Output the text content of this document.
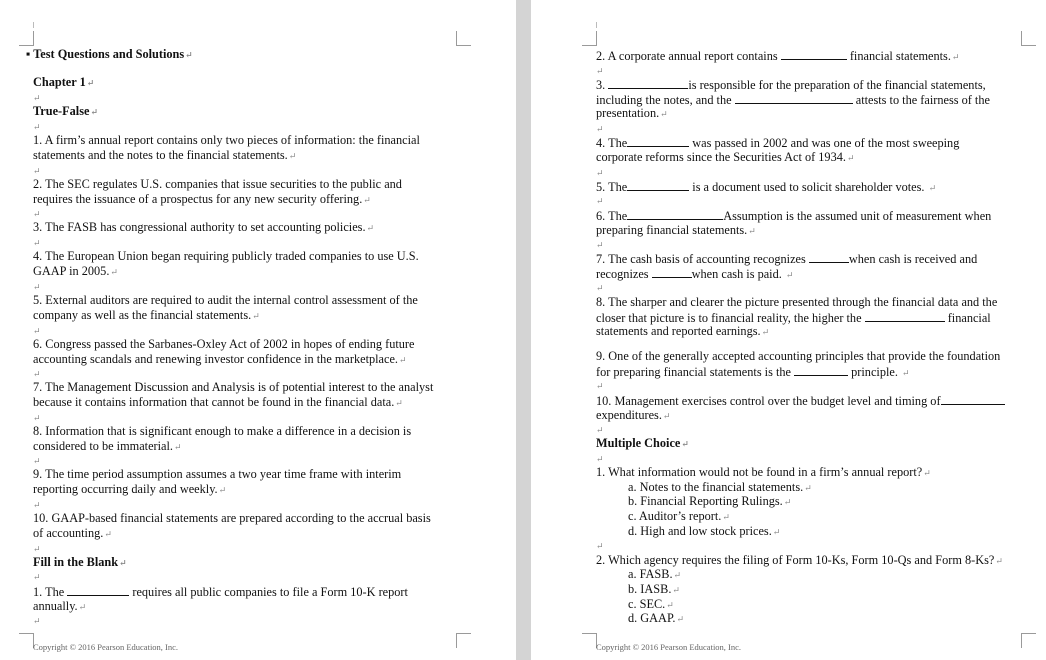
▪ Test Questions and Solutions↵
Chapter 1↵
↵
True-False↵
↵
1. A firm’s annual report contains only two pieces of information: the financial
statements and the notes to the financial statements.↵
↵
2. The SEC regulates U.S. companies that issue securities to the public and
requires the issuance of a prospectus for any new security offering.↵
↵
3. The FASB has congressional authority to set accounting policies.↵
↵
4. The European Union began requiring publicly traded companies to use U.S.
GAAP in 2005.↵
↵
5. External auditors are required to audit the internal control assessment of the
company as well as the financial statements.↵
↵
6. Congress passed the Sarbanes-Oxley Act of 2002 in hopes of ending future
accounting scandals and renewing investor confidence in the marketplace.↵
↵
7. The Management Discussion and Analysis is of potential interest to the analyst
because it contains information that cannot be found in the financial data.↵
↵
8. Information that is significant enough to make a difference in a decision is
considered to be immaterial.↵
↵
9. The time period assumption assumes a two year time frame with interim
reporting occurring daily and weekly.↵
↵
10. GAAP-based financial statements are prepared according to the accrual basis
of accounting.↵
↵
Fill in the Blank↵
↵
1. The	requires all public companies to file a Form 10-K report
annually.↵
↵
Copyright © 2016 Pearson Education, Inc.
2. A corporate annual report contains	financial statements.↵
↵
3.	is responsible for the preparation of the financial statements,
including the notes, and the	attests to the fairness of the
presentation.↵
↵
4. The	was passed in 2002 and was one of the most sweeping
corporate reforms since the Securities Act of 1934.↵
↵
5. The	is a document used to solicit shareholder votes. ↵
↵
6. The	Assumption is the assumed unit of measurement when
preparing financial statements.↵
↵
7. The cash basis of accounting recognizes	when cash is received and
recognizes	when cash is paid. ↵
↵
8. The sharper and clearer the picture presented through the financial data and the
closer that picture is to financial reality, the higher the	financial
statements and reported earnings.↵
9. One of the generally accepted accounting principles that provide the foundation
for preparing financial statements is the	principle. ↵
↵
10. Management exercises control over the budget level and timing of
expenditures.↵
↵
Multiple Choice↵
↵
1. What information would not be found in a firm’s annual report?↵
a. Notes to the financial statements.↵
b. Financial Reporting Rulings.↵
c. Auditor’s report.↵
d. High and low stock prices.↵
↵
2. Which agency requires the filing of Form 10-Ks, Form 10-Qs and Form 8-Ks?↵
a. FASB.↵
b. IASB.↵
c. SEC.↵
d. GAAP.↵
Copyright © 2016 Pearson Education, Inc.
